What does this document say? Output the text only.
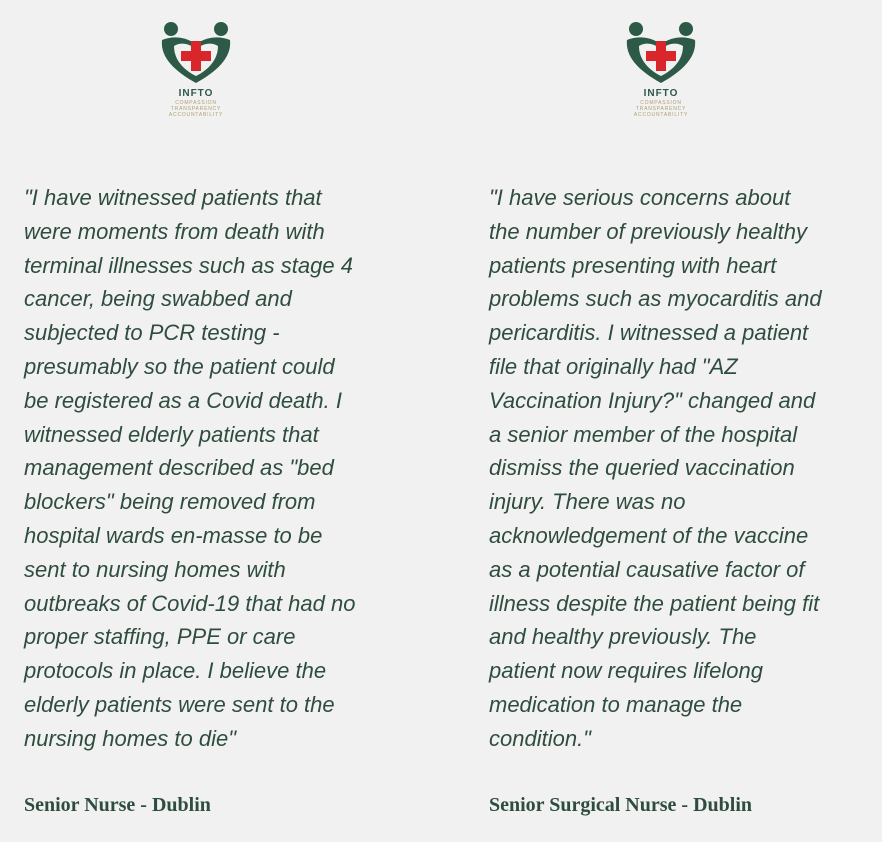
INFTO
COMPASSION
TRANSPARENCY
ACCOUNTABILITY

"I have witnessed patients that
were moments from death with
terminal illnesses such as stage 4
cancer, being swabbed and
subjected to PCR testing -
presumably so the patient could
be registered as a Covid death. I
witnessed elderly patients that
management described as "bed
blockers" being removed from
hospital wards en-masse to be
sent to nursing homes with
outbreaks of Covid-19 that had no
proper staffing, PPE or care
protocols in place. I believe the
elderly patients were sent to the
nursing homes to die"

Senior Nurse - Dublin

INFTO
COMPASSION
TRANSPARENCY
ACCOUNTABILITY

"I have serious concerns about
the number of previously healthy
patients presenting with heart
problems such as myocarditis and
pericarditis. I witnessed a patient
file that originally had "AZ
Vaccination Injury?" changed and
a senior member of the hospital
dismiss the queried vaccination
injury. There was no
acknowledgement of the vaccine
as a potential causative factor of
illness despite the patient being fit
and healthy previously. The
patient now requires lifelong
medication to manage the
condition."

Senior Surgical Nurse - Dublin
